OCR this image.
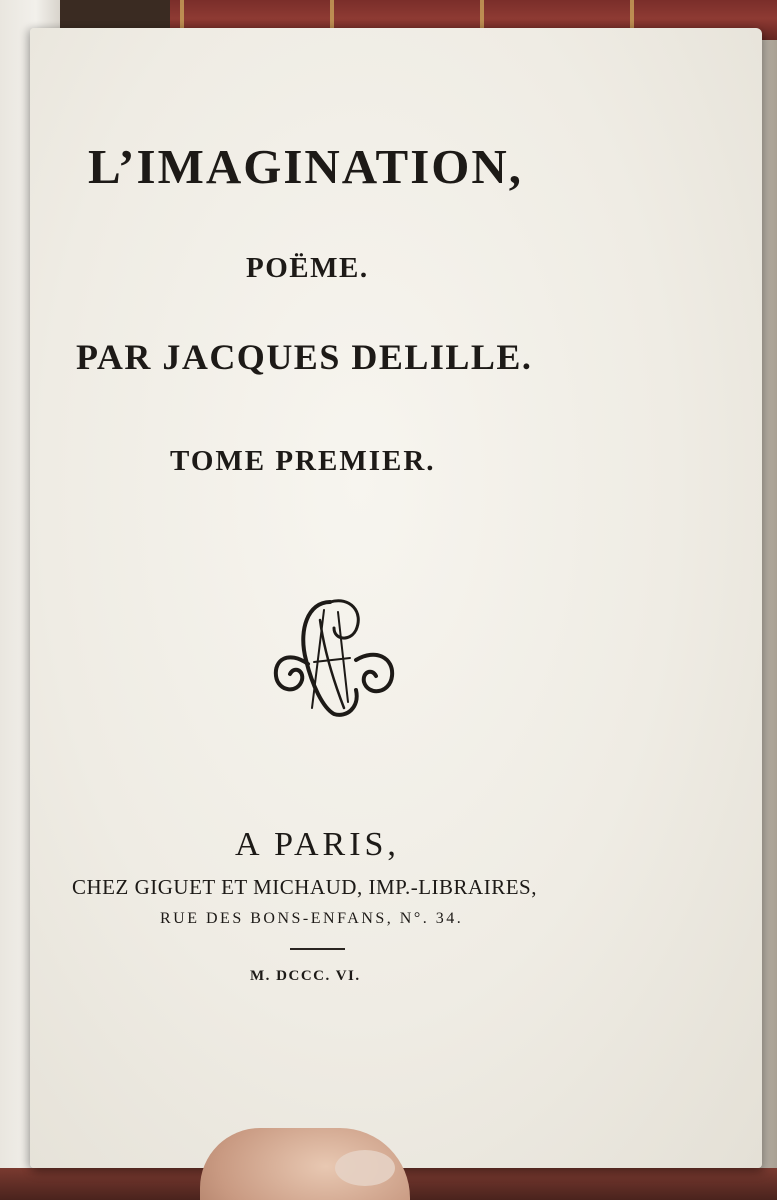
L’IMAGINATION,
POËME.
PAR JACQUES DELILLE.
TOME PREMIER.
A PARIS,
CHEZ GIGUET ET MICHAUD, IMP.-LIBRAIRES,
RUE DES BONS-ENFANS, N°. 34.
M. DCCC. VI.
